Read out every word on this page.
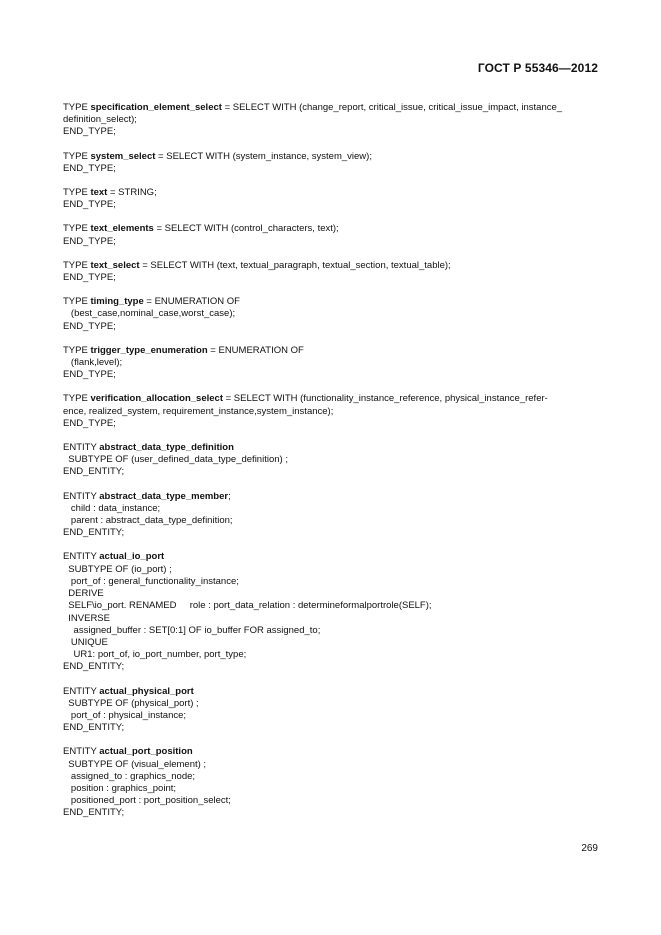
ГОСТ Р 55346—2012
TYPE specification_element_select = SELECT WITH (change_report, critical_issue, critical_issue_impact, instance_
definition_select);
END_TYPE;
TYPE system_select = SELECT WITH (system_instance, system_view);
END_TYPE;
TYPE text = STRING;
END_TYPE;
TYPE text_elements = SELECT WITH (control_characters, text);
END_TYPE;
TYPE text_select = SELECT WITH (text, textual_paragraph, textual_section, textual_table);
END_TYPE;
TYPE timing_type = ENUMERATION OF
(best_case,nominal_case,worst_case);
END_TYPE;
TYPE trigger_type_enumeration = ENUMERATION OF
(flank,level);
END_TYPE;
TYPE verification_allocation_select = SELECT WITH (functionality_instance_reference, physical_instance_refer-
ence, realized_system, requirement_instance,system_instance);
END_TYPE;
ENTITY abstract_data_type_definition
SUBTYPE OF (user_defined_data_type_definition) ;
END_ENTITY;
ENTITY abstract_data_type_member;
child : data_instance;
parent : abstract_data_type_definition;
END_ENTITY;
ENTITY actual_io_port
SUBTYPE OF (io_port) ;
port_of : general_functionality_instance;
DERIVE
SELF\io_port. RENAMED     role : port_data_relation : determineformalportrole(SELF);
INVERSE
assigned_buffer : SET[0:1] OF io_buffer FOR assigned_to;
UNIQUE
UR1: port_of, io_port_number, port_type;
END_ENTITY;
ENTITY actual_physical_port
SUBTYPE OF (physical_port) ;
port_of : physical_instance;
END_ENTITY;
ENTITY actual_port_position
SUBTYPE OF (visual_element) ;
assigned_to : graphics_node;
position : graphics_point;
positioned_port : port_position_select;
END_ENTITY;
269
